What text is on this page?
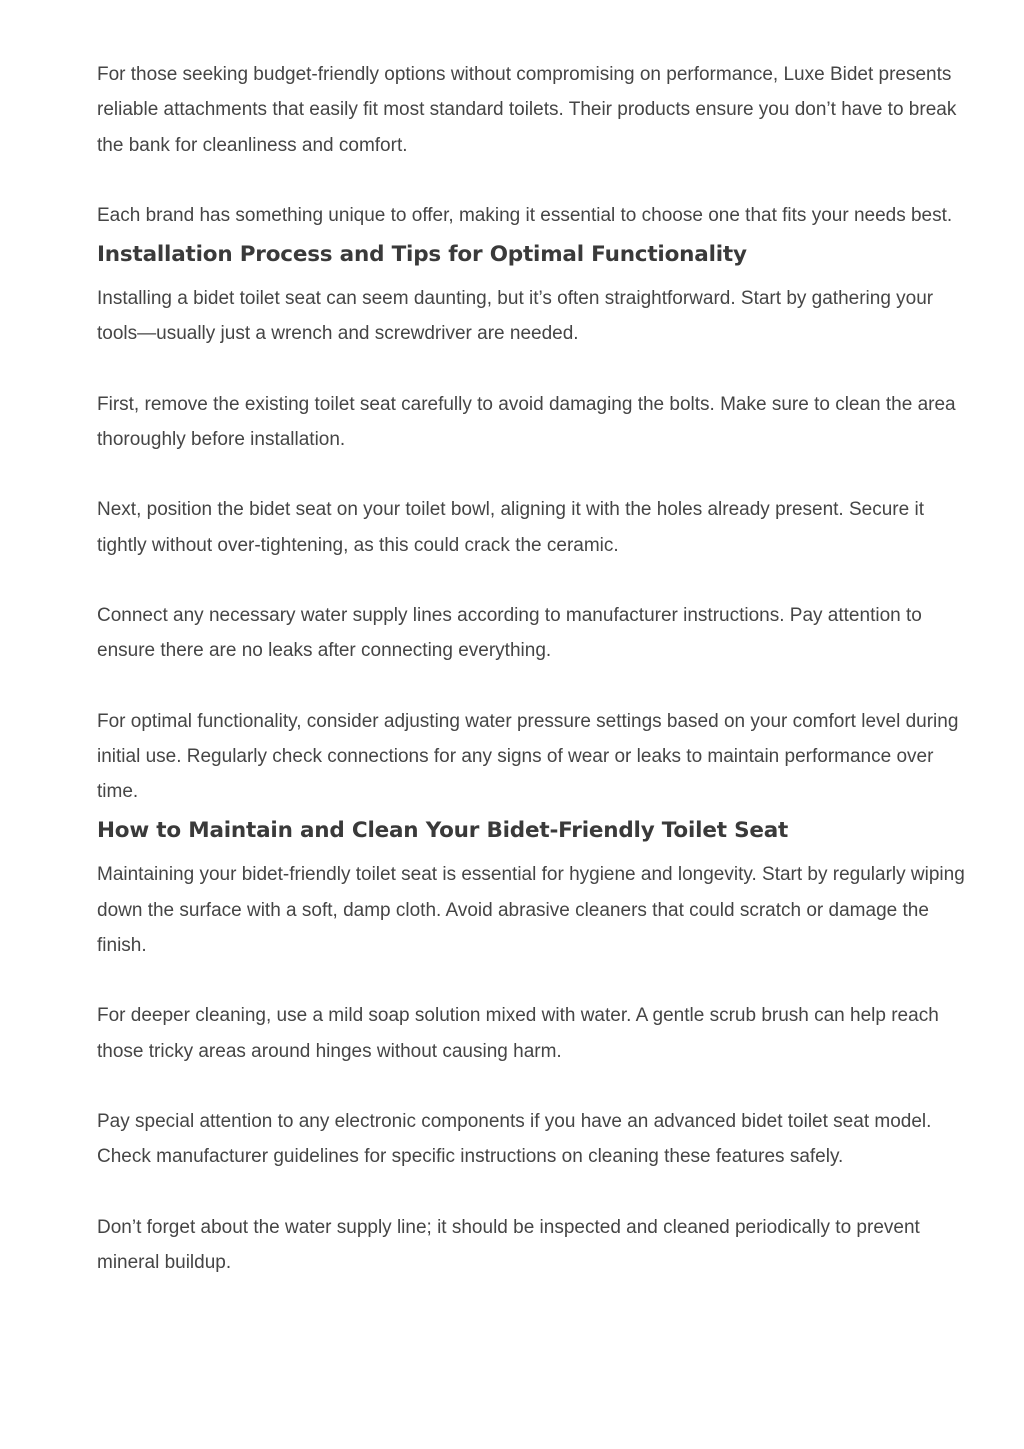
For those seeking budget-friendly options without compromising on performance, Luxe Bidet presents reliable attachments that easily fit most standard toilets. Their products ensure you don’t have to break the bank for cleanliness and comfort.

Each brand has something unique to offer, making it essential to choose one that fits your needs best.

Installation Process and Tips for Optimal Functionality

Installing a bidet toilet seat can seem daunting, but it’s often straightforward. Start by gathering your tools—usually just a wrench and screwdriver are needed.

First, remove the existing toilet seat carefully to avoid damaging the bolts. Make sure to clean the area thoroughly before installation.

Next, position the bidet seat on your toilet bowl, aligning it with the holes already present. Secure it tightly without over-tightening, as this could crack the ceramic.

Connect any necessary water supply lines according to manufacturer instructions. Pay attention to ensure there are no leaks after connecting everything.

For optimal functionality, consider adjusting water pressure settings based on your comfort level during initial use. Regularly check connections for any signs of wear or leaks to maintain performance over time.

How to Maintain and Clean Your Bidet-Friendly Toilet Seat

Maintaining your bidet-friendly toilet seat is essential for hygiene and longevity. Start by regularly wiping down the surface with a soft, damp cloth. Avoid abrasive cleaners that could scratch or damage the finish.

For deeper cleaning, use a mild soap solution mixed with water. A gentle scrub brush can help reach those tricky areas around hinges without causing harm.

Pay special attention to any electronic components if you have an advanced bidet toilet seat model. Check manufacturer guidelines for specific instructions on cleaning these features safely.

Don’t forget about the water supply line; it should be inspected and cleaned periodically to prevent mineral buildup.
